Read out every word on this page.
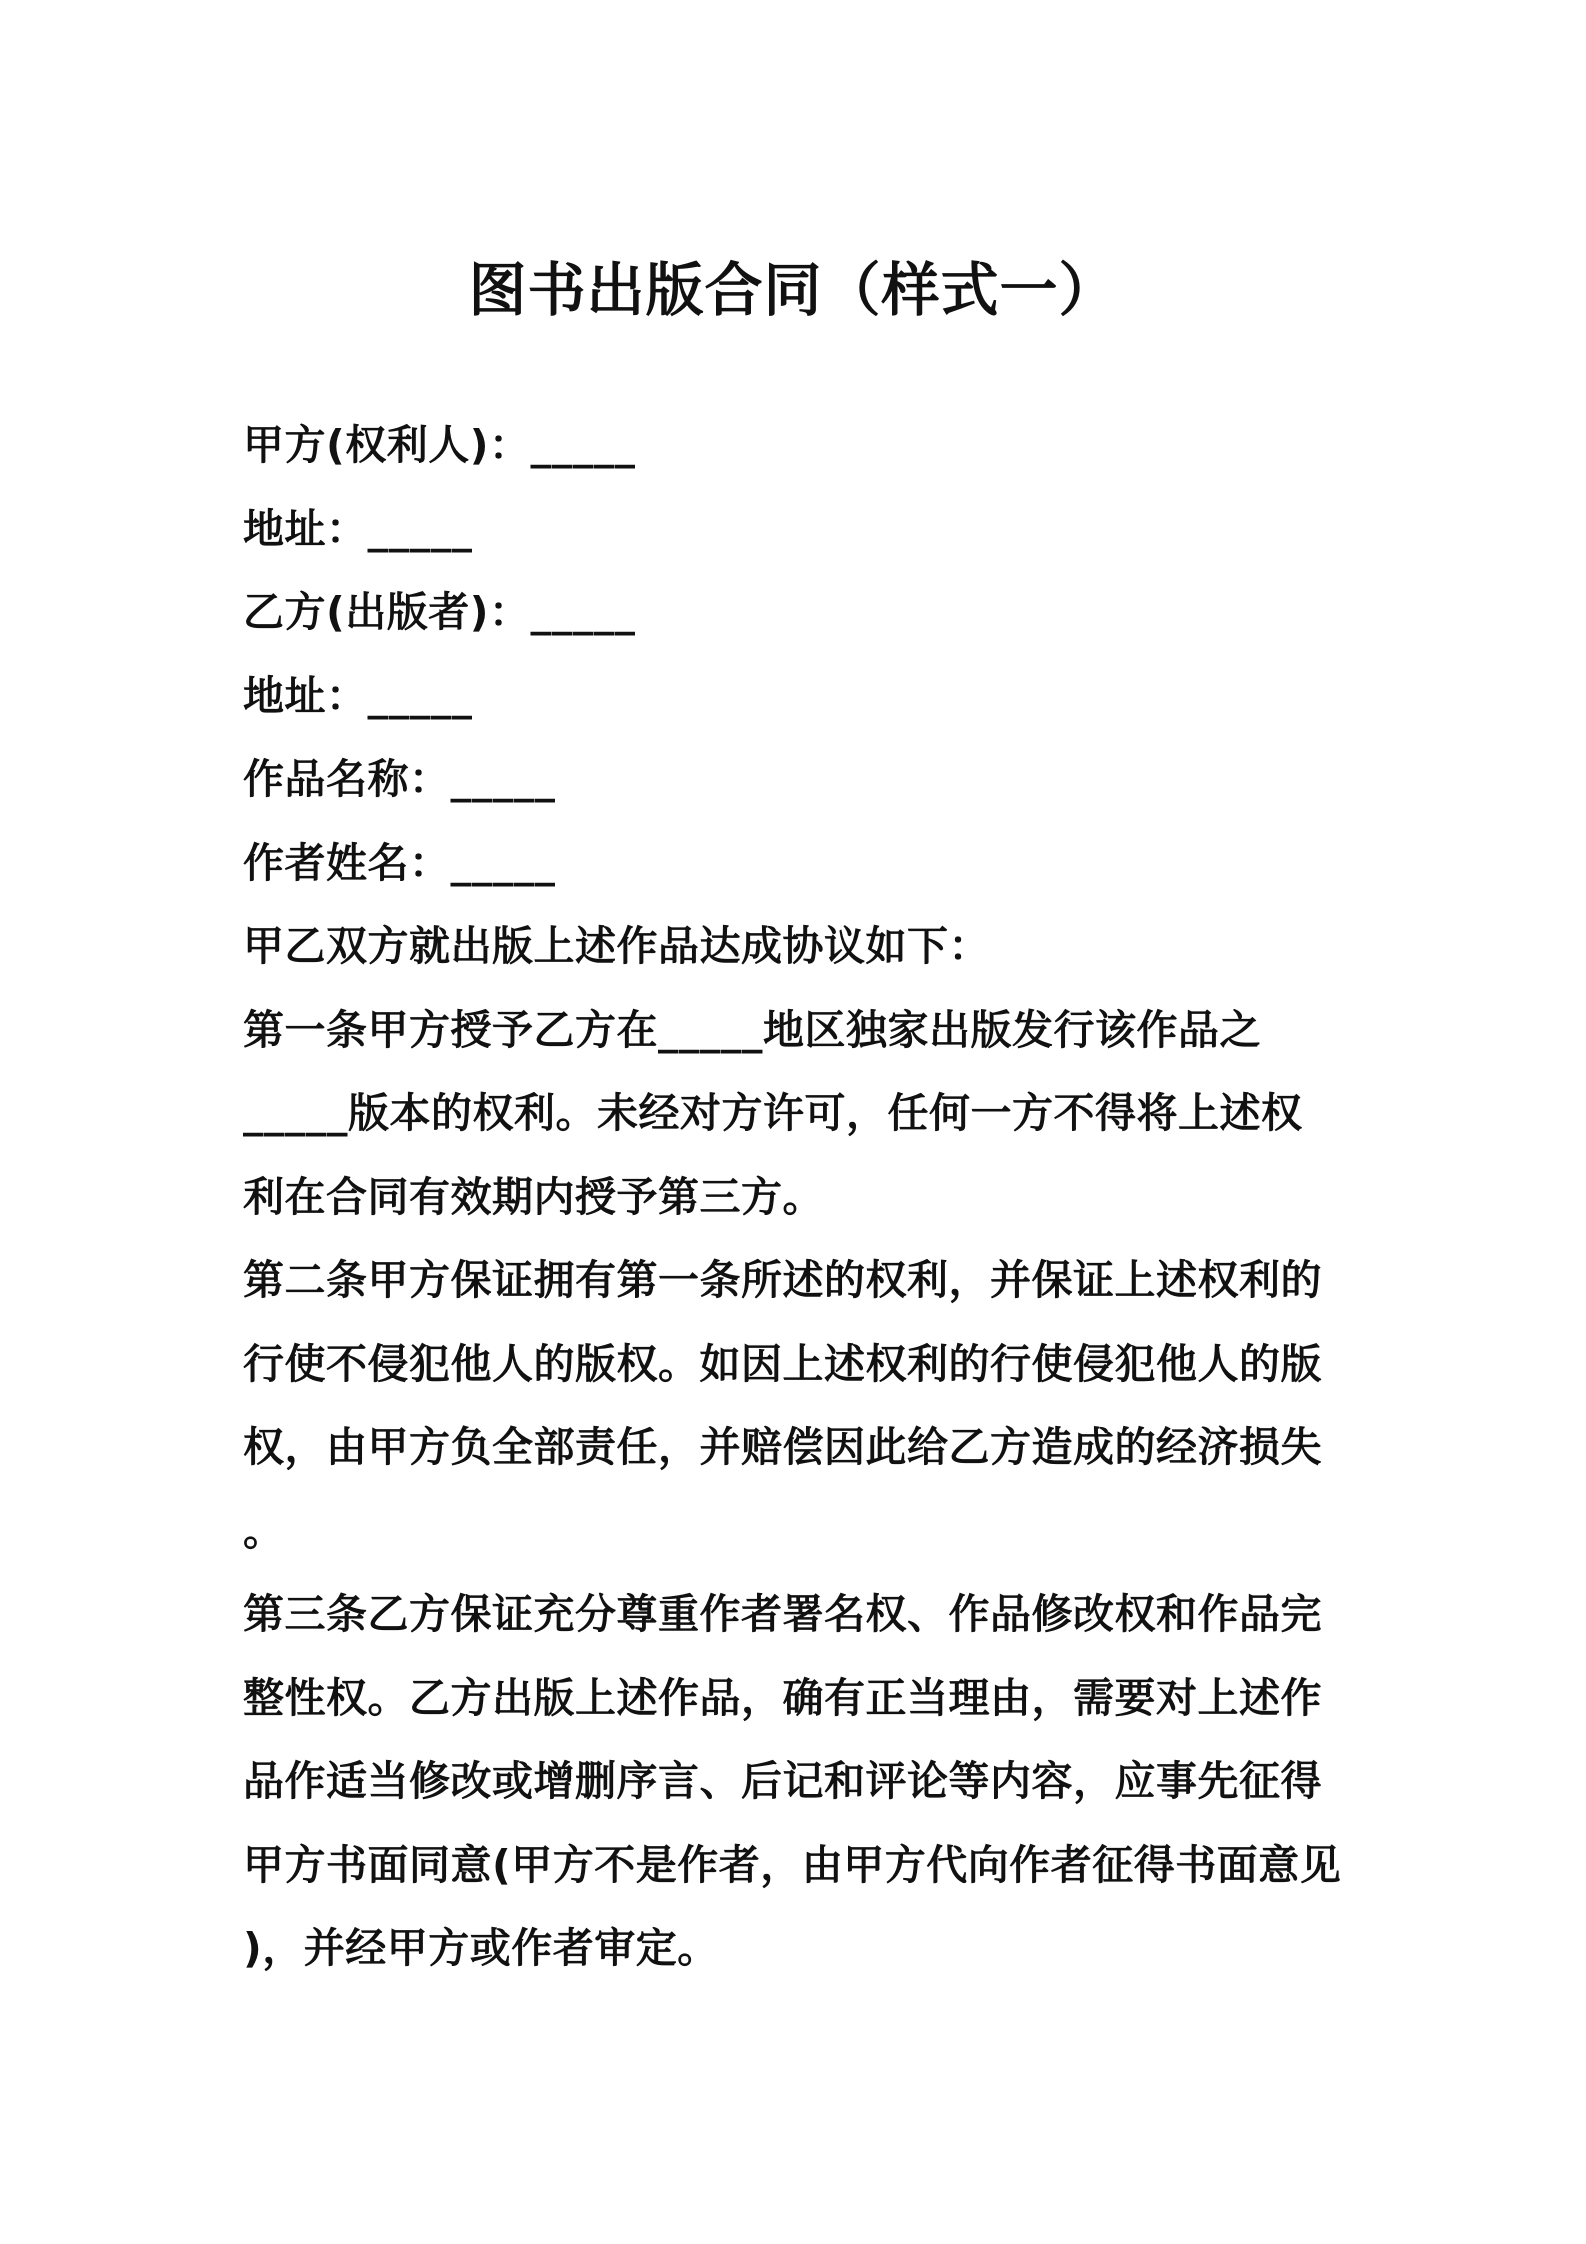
图书出版合同（样式一）
甲方(权利人)：_____
地址：_____
乙方(出版者)：_____
地址：_____
作品名称：_____
作者姓名：_____
甲乙双方就出版上述作品达成协议如下：
第一条甲方授予乙方在_____地区独家出版发行该作品之
_____版本的权利。未经对方许可，任何一方不得将上述权
利在合同有效期内授予第三方。
第二条甲方保证拥有第一条所述的权利，并保证上述权利的
行使不侵犯他人的版权。如因上述权利的行使侵犯他人的版
权，由甲方负全部责任，并赔偿因此给乙方造成的经济损失
。
第三条乙方保证充分尊重作者署名权、作品修改权和作品完
整性权。乙方出版上述作品，确有正当理由，需要对上述作
品作适当修改或增删序言、后记和评论等内容，应事先征得
甲方书面同意(甲方不是作者，由甲方代向作者征得书面意见
)，并经甲方或作者审定。
